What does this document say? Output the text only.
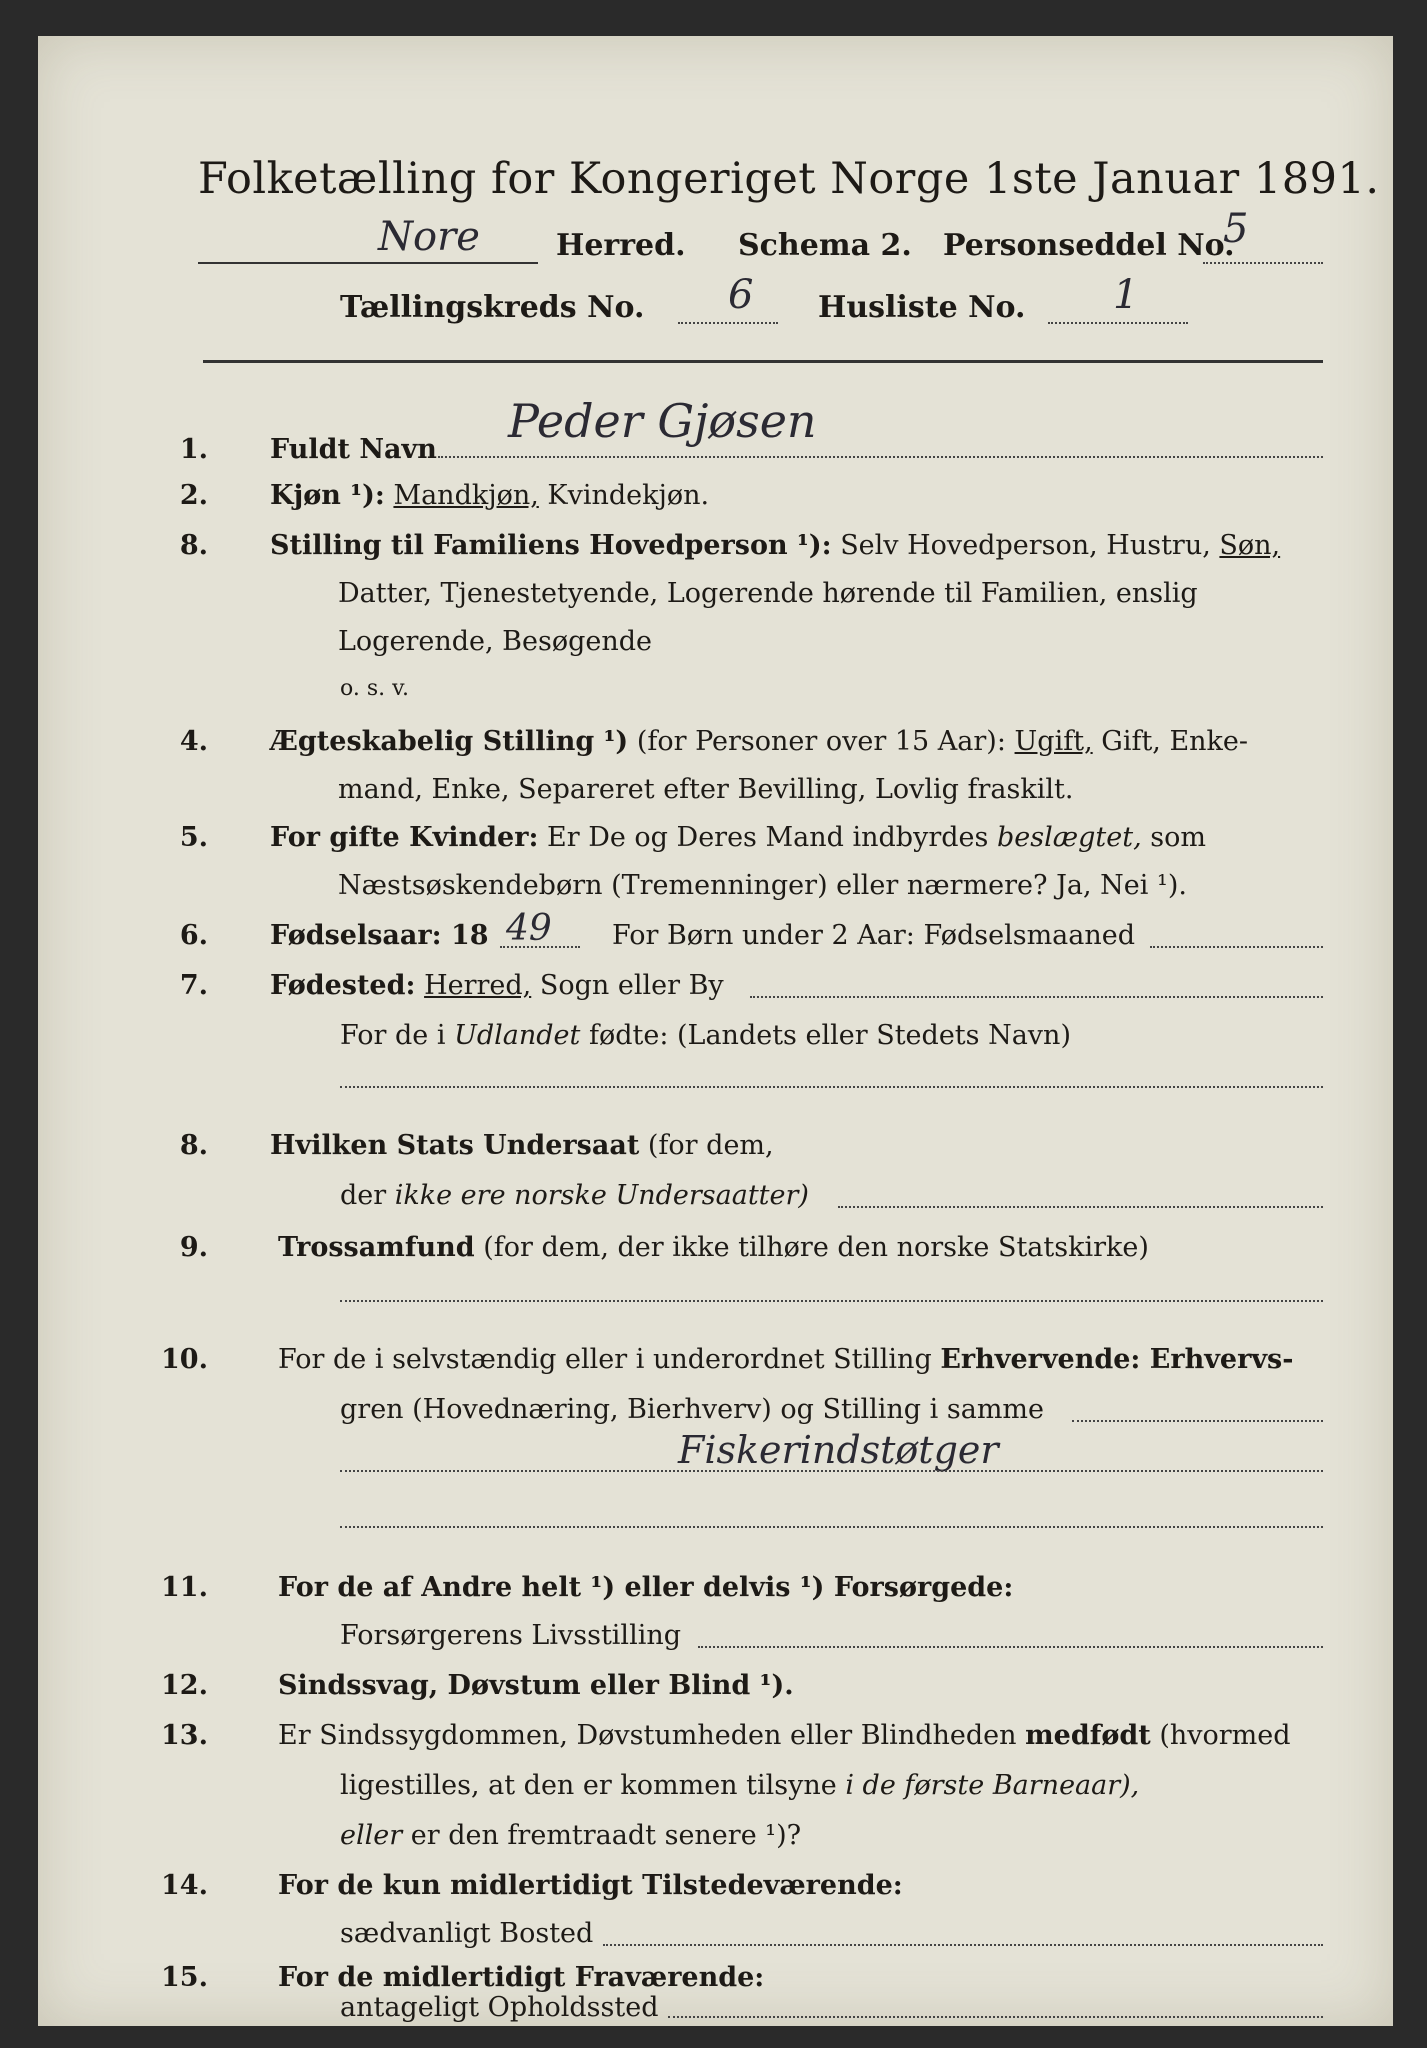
Folketælling for Kongeriget Norge 1ste Januar 1891.
Nore	Herred. Schema 2. Personseddel No.
5
Tællingskreds No. 6 Husliste No. 1
1. Fuldt Navn
Peder Gjøsen
2. Kjøn ¹): Mandkjøn, Kvindekjøn.
8. Stilling til Familiens Hovedperson ¹): Selv Hovedperson, Hustru, Søn,
Datter, Tjenestetyende, Logerende hørende til Familien, enslig
Logerende, Besøgende
o. s. v.
4. Ægteskabelig Stilling ¹) (for Personer over 15 Aar): Ugift, Gift, Enke-
mand, Enke, Separeret efter Bevilling, Lovlig fraskilt.
5. For gifte Kvinder: Er De og Deres Mand indbyrdes beslægtet, som
Næstsøskendebørn (Tremenninger) eller nærmere? Ja, Nei ¹).
6. Fødselsaar: 18 49 For Børn under 2 Aar: Fødselsmaaned
7. Fødested: Herred, Sogn eller By
For de i Udlandet fødte: (Landets eller Stedets Navn)
8. Hvilken Stats Undersaat (for dem,
der ikke ere norske Undersaatter)
9.	Trossamfund (for dem, der ikke tilhøre den norske Statskirke)
10.	For de i selvstændig eller i underordnet Stilling Erhvervende: Erhvervs-
gren (Hovednæring, Bierhverv) og Stilling i samme
Fiskerindstøtger
11.	For de af Andre helt ¹) eller delvis ¹) Forsørgede:
Forsørgerens Livsstilling
12.	Sindssvag, Døvstum eller Blind ¹).
13.	Er Sindssygdommen, Døvstumheden eller Blindheden medfødt (hvormed
ligestilles, at den er kommen tilsyne i de første Barneaar),
eller er den fremtraadt senere ¹)?
14.	For de kun midlertidigt Tilstedeværende:
sædvanligt Bosted
15.	For de midlertidigt Fraværende:
antageligt Opholdssted
